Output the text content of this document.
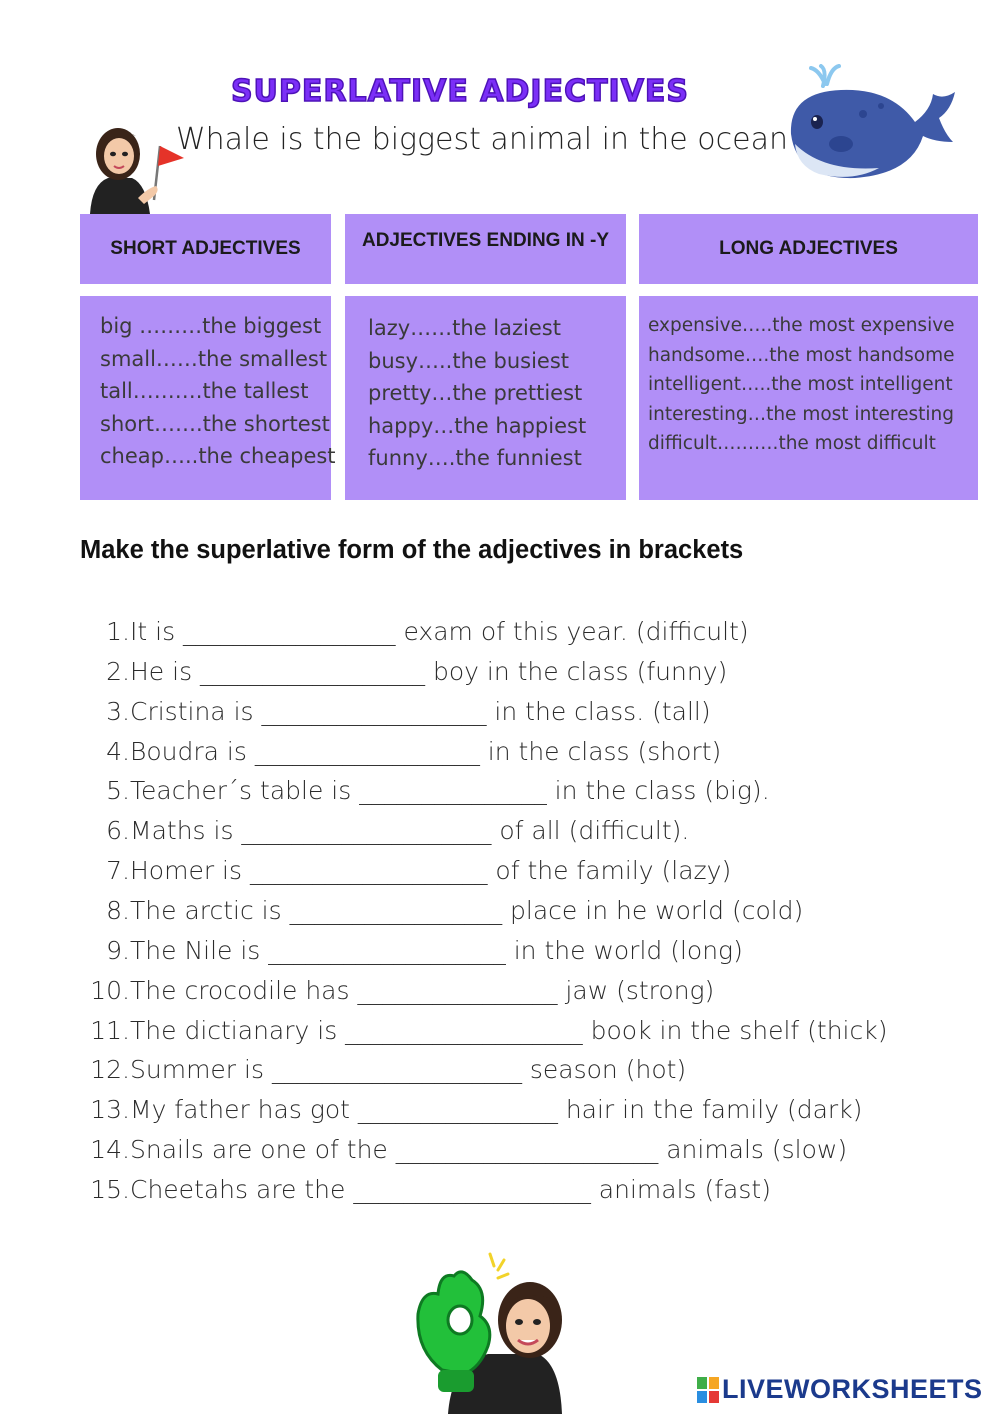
SUPERLATIVE ADJECTIVES
Whale is the biggest animal in the ocean
SHORT ADJECTIVES	ADJECTIVES ENDING IN -Y	LONG ADJECTIVES
big ………the biggest
small……the smallest
tall……….the tallest
short…….the shortest
cheap…..the cheapest
lazy……the laziest
busy…..the busiest
pretty…the prettiest
happy…the happiest
funny….the funniest
expensive…..the most expensive
handsome….the most handsome
intelligent…..the most intelligent
interesting…the most interesting
difficult……….the most difficult
Make the superlative form of the adjectives in brackets
1.It is _________________ exam of this year. (difficult)
2.He is __________________ boy in the class (funny)
3.Cristina is __________________ in the class. (tall)
4.Boudra is __________________ in the class (short)
5.Teacher´s table is _______________ in the class (big).
6.Maths is ____________________ of all (difficult).
7.Homer is ___________________ of the family (lazy)
8.The arctic is _________________ place in he world (cold)
9.The Nile is ___________________ in the world (long)
10.The crocodile has ________________ jaw (strong)
11.The dictianary is ___________________ book in the shelf (thick)
12.Summer is ____________________ season (hot)
13.My father has got ________________ hair in the family (dark)
14.Snails are one of the _____________________ animals (slow)
15.Cheetahs are the ___________________ animals (fast)
LIVEWORKSHEETS
